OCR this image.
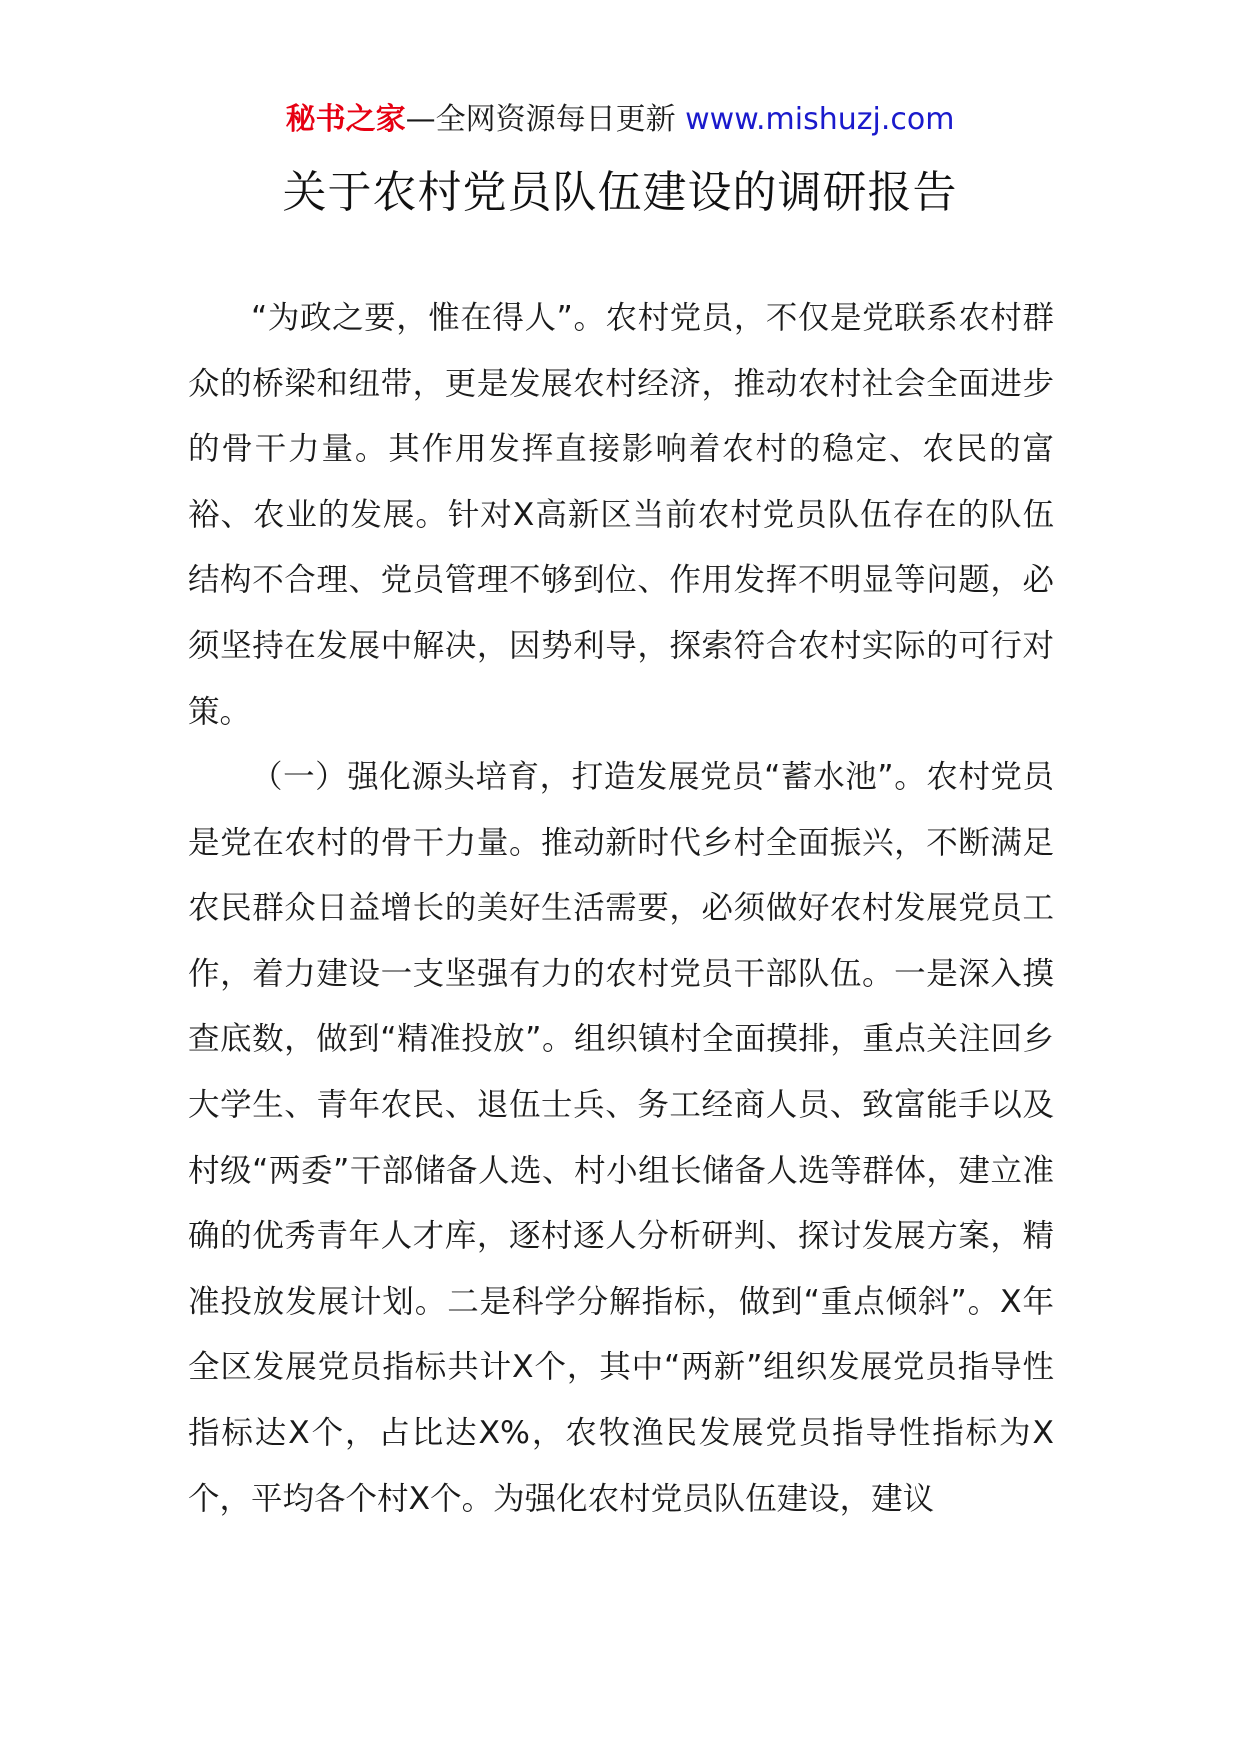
秘书之家—全网资源每日更新 www.mishuzj.com
关于农村党员队伍建设的调研报告

“为政之要，惟在得人”。农村党员，不仅是党联系农村群众的桥梁和纽带，更是发展农村经济，推动农村社会全面进步的骨干力量。其作用发挥直接影响着农村的稳定、农民的富裕、农业的发展。针对X高新区当前农村党员队伍存在的队伍结构不合理、党员管理不够到位、作用发挥不明显等问题，必须坚持在发展中解决，因势利导，探索符合农村实际的可行对策。

（一）强化源头培育，打造发展党员“蓄水池”。农村党员是党在农村的骨干力量。推动新时代乡村全面振兴，不断满足农民群众日益增长的美好生活需要，必须做好农村发展党员工作，着力建设一支坚强有力的农村党员干部队伍。一是深入摸查底数，做到“精准投放”。组织镇村全面摸排，重点关注回乡大学生、青年农民、退伍士兵、务工经商人员、致富能手以及村级“两委”干部储备人选、村小组长储备人选等群体，建立准确的优秀青年人才库，逐村逐人分析研判、探讨发展方案，精准投放发展计划。二是科学分解指标，做到“重点倾斜”。X年全区发展党员指标共计X个，其中“两新”组织发展党员指导性指标达X个，占比达X%，农牧渔民发展党员指导性指标为X个，平均各个村X个。为强化农村党员队伍建设，建议
